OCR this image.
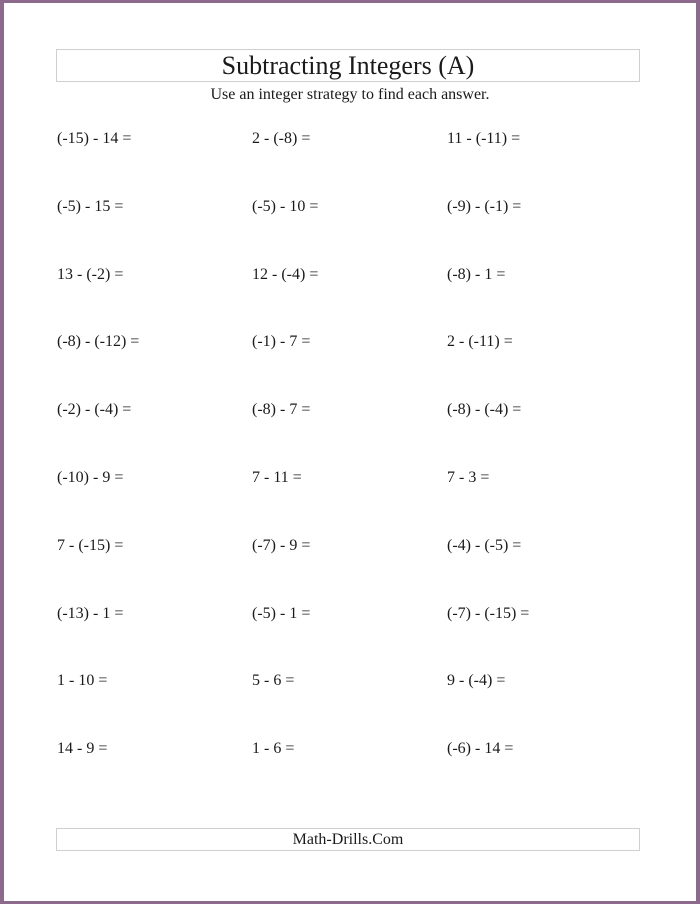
Subtracting Integers (A)
Use an integer strategy to find each answer.
(-15) - 14 =	2 - (-8) =	11 - (-11) =
(-5) - 15 =	(-5) - 10 =	(-9) - (-1) =
13 - (-2) =	12 - (-4) =	(-8) - 1 =
(-8) - (-12) =	(-1) - 7 =	2 - (-11) =
(-2) - (-4) =	(-8) - 7 =	(-8) - (-4) =
(-10) - 9 =	7 - 11 =	7 - 3 =
7 - (-15) =	(-7) - 9 =	(-4) - (-5) =
(-13) - 1 =	(-5) - 1 =	(-7) - (-15) =
1 - 10 =	5 - 6 =	9 - (-4) =
14 - 9 =	1 - 6 =	(-6) - 14 =
Math-Drills.Com
